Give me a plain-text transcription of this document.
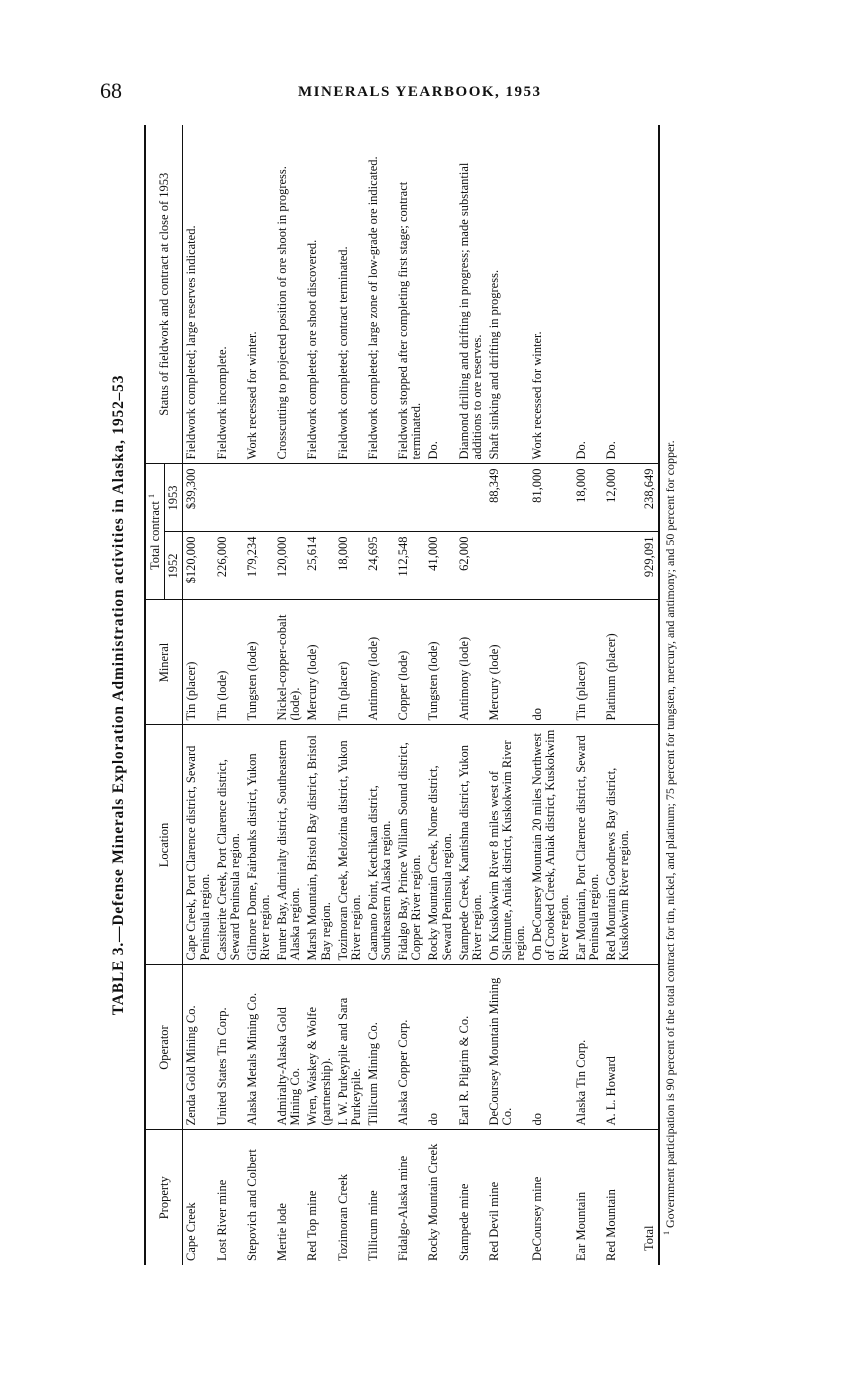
68	MINERALS YEARBOOK, 1953
TABLE 3.—Defense Minerals Exploration Administration activities in Alaska, 1952–53
Property	Operator	Location	Mineral	Total contract $^1$		Status of fieldwork and contract at close of 1953
				1952	1953	
Cape Creek	Zenda Gold Mining Co.	Cape Creek, Port Clarence district, Seward Peninsula region.	Tin (placer)	$120,000	$39,300	Fieldwork completed; large reserves indicated.
Lost River mine	United States Tin Corp.	Cassiterite Creek, Port Clarence district, Seward Peninsula region.	Tin (lode)	226,000		Fieldwork incomplete.
Stepovich and Colbert	Alaska Metals Mining Co.	Gilmore Dome, Fairbanks district, Yukon River region.	Tungsten (lode)	179,234		Work recessed for winter.
Mertie lode	Admiralty-Alaska Gold Mining Co.	Funter Bay, Admiralty district, Southeastern Alaska region.	Nickel-copper-cobalt (lode).	120,000		Crosscutting to projected position of ore shoot in progress.
Red Top mine	Wren, Waskey & Wolfe (partnership).	Marsh Mountain, Bristol Bay district, Bristol Bay region.	Mercury (lode)	25,614		Fieldwork completed; ore shoot discovered.
Tozimoran Creek	I. W. Purkeypile and Sara Purkeypile.	Tozimoran Creek, Melozitna district, Yukon River region.	Tin (placer)	18,000		Fieldwork completed; contract terminated.
Tillicum mine	Tillicum Mining Co.	Caamano Point, Ketchikan district, Southeastern Alaska region.	Antimony (lode)	24,695		Fieldwork completed; large zone of low-grade ore indicated.
Fidalgo-Alaska mine	Alaska Copper Corp.	Fidalgo Bay, Prince William Sound district, Copper River region.	Copper (lode)	112,548		Fieldwork stopped after completing first stage; contract terminated.
Rocky Mountain Creek	do	Rocky Mountain Creek, Nome district, Seward Peninsula region.	Tungsten (lode)	41,000		Do.
Stampede mine	Earl R. Pilgrim & Co.	Stampede Creek, Kantishna district, Yukon River region.	Antimony (lode)	62,000		Diamond drilling and drifting in progress; made substantial additions to ore reserves.
Red Devil mine	DeCoursey Mountain Mining Co.	On Kuskokwim River 8 miles west of Sleitmute, Aniak district, Kuskokwim River region.	Mercury (lode)		88,349	Shaft sinking and drifting in progress.
DeCoursey mine	do	On DeCoursey Mountain 20 miles Northwest of Crooked Creek, Aniak district, Kuskokwim River region.	do		81,000	Work recessed for winter.
Ear Mountain	Alaska Tin Corp.	Ear Mountain, Port Clarence district, Seward Peninsula region.	Tin (placer)		18,000	Do.
Red Mountain	A. L. Howard	Red Mountain Goodnews Bay district, Kuskokwim River region.	Platinum (placer)		12,000	Do.
Total				929,091	238,649	
$^1$ Government participation is 90 percent of the total contract for tin, nickel, and platinum; 75 percent for tungsten, mercury, and antimony; and 50 percent for copper.
